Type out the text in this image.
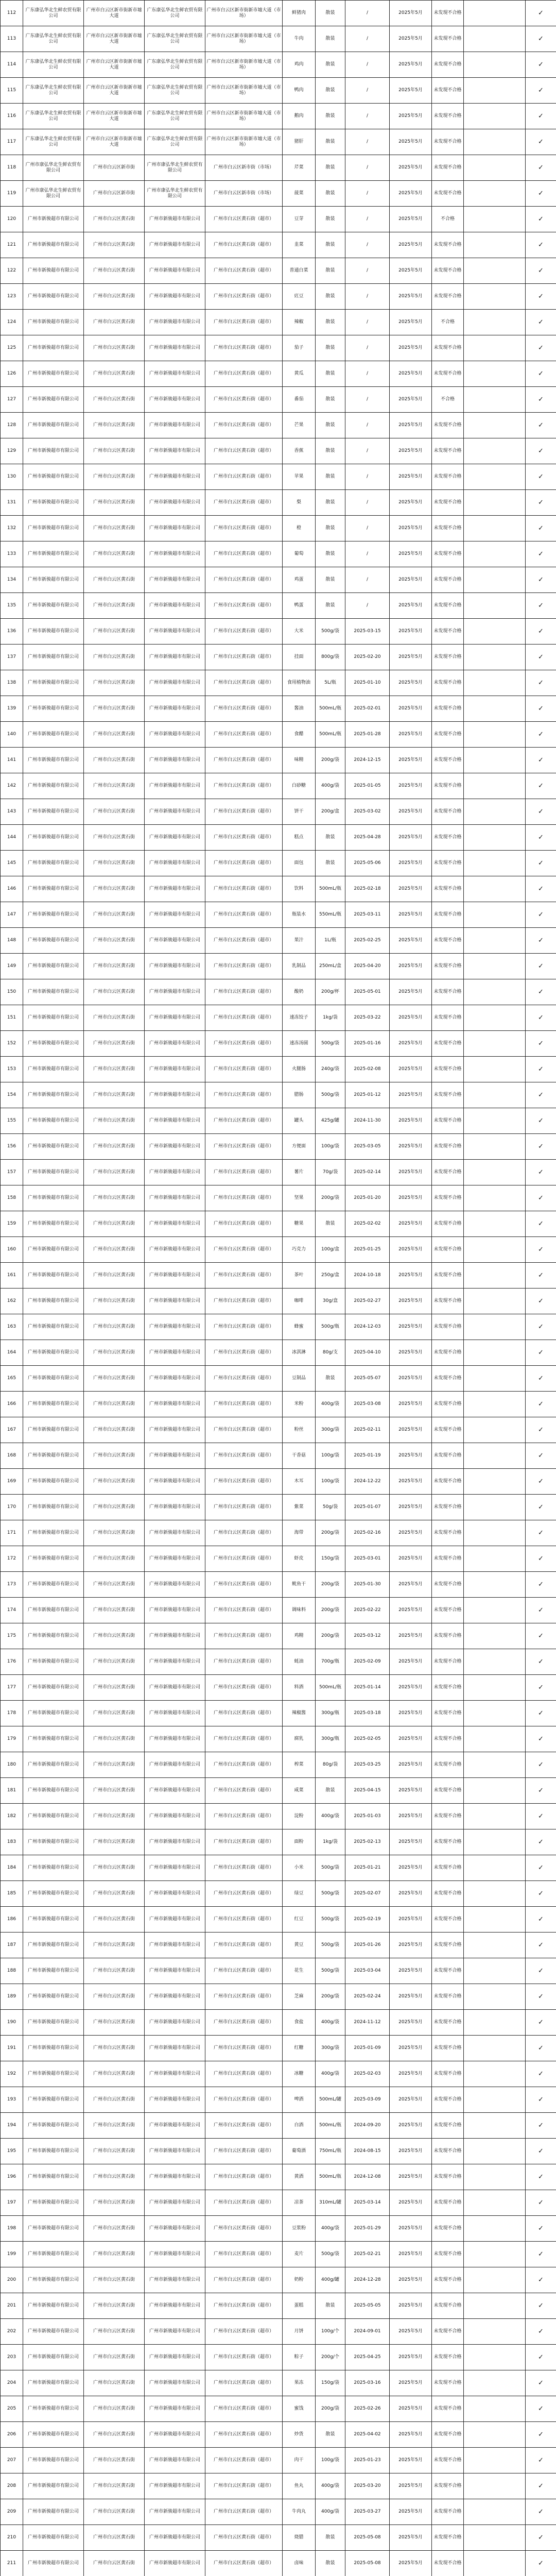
112	广东康弘华北生鲜农贸有限公司	广州市白云区新市街新市墟大道	广东康弘华北生鲜农贸有限公司	广州市白云区新市街新市墟大道（市场）	鲜猪肉	散装	/	2025年5月	未发现不合格		✓
113	广东康弘华北生鲜农贸有限公司	广州市白云区新市街新市墟大道	广东康弘华北生鲜农贸有限公司	广州市白云区新市街新市墟大道（市场）	牛肉	散装	/	2025年5月	未发现不合格		✓
114	广东康弘华北生鲜农贸有限公司	广州市白云区新市街新市墟大道	广东康弘华北生鲜农贸有限公司	广州市白云区新市街新市墟大道（市场）	鸡肉	散装	/	2025年5月	未发现不合格		✓
115	广东康弘华北生鲜农贸有限公司	广州市白云区新市街新市墟大道	广东康弘华北生鲜农贸有限公司	广州市白云区新市街新市墟大道（市场）	鸭肉	散装	/	2025年5月	未发现不合格		✓
116	广东康弘华北生鲜农贸有限公司	广州市白云区新市街新市墟大道	广东康弘华北生鲜农贸有限公司	广州市白云区新市街新市墟大道（市场）	鹅肉	散装	/	2025年5月	未发现不合格		✓
117	广东康弘华北生鲜农贸有限公司	广州市白云区新市街新市墟大道	广东康弘华北生鲜农贸有限公司	广州市白云区新市街新市墟大道（市场）	猪肝	散装	/	2025年5月	未发现不合格		✓
118	广州市康弘华北生鲜农贸有限公司	广州市白云区新市街	广州市康弘华北生鲜农贸有限公司	广州市白云区新市街（市场）	芹菜	散装	/	2025年5月	未发现不合格		✓
119	广州市康弘华北生鲜农贸有限公司	广州市白云区新市街	广州市康弘华北生鲜农贸有限公司	广州市白云区新市街（市场）	菠菜	散装	/	2025年5月	未发现不合格		✓
120	广州市新骏超市有限公司	广州市白云区黄石街	广州市新骏超市有限公司	广州市白云区黄石街（超市）	豆芽	散装	/	2025年5月	不合格		✓
121	广州市新骏超市有限公司	广州市白云区黄石街	广州市新骏超市有限公司	广州市白云区黄石街（超市）	韭菜	散装	/	2025年5月	未发现不合格		✓
122	广州市新骏超市有限公司	广州市白云区黄石街	广州市新骏超市有限公司	广州市白云区黄石街（超市）	普通白菜	散装	/	2025年5月	未发现不合格		✓
123	广州市新骏超市有限公司	广州市白云区黄石街	广州市新骏超市有限公司	广州市白云区黄石街（超市）	豇豆	散装	/	2025年5月	未发现不合格		✓
124	广州市新骏超市有限公司	广州市白云区黄石街	广州市新骏超市有限公司	广州市白云区黄石街（超市）	辣椒	散装	/	2025年5月	不合格		✓
125	广州市新骏超市有限公司	广州市白云区黄石街	广州市新骏超市有限公司	广州市白云区黄石街（超市）	茄子	散装	/	2025年5月	未发现不合格		✓
126	广州市新骏超市有限公司	广州市白云区黄石街	广州市新骏超市有限公司	广州市白云区黄石街（超市）	黄瓜	散装	/	2025年5月	未发现不合格		✓
127	广州市新骏超市有限公司	广州市白云区黄石街	广州市新骏超市有限公司	广州市白云区黄石街（超市）	番茄	散装	/	2025年5月	不合格		✓
128	广州市新骏超市有限公司	广州市白云区黄石街	广州市新骏超市有限公司	广州市白云区黄石街（超市）	芒果	散装	/	2025年5月	未发现不合格		✓
129	广州市新骏超市有限公司	广州市白云区黄石街	广州市新骏超市有限公司	广州市白云区黄石街（超市）	香蕉	散装	/	2025年5月	未发现不合格		✓
130	广州市新骏超市有限公司	广州市白云区黄石街	广州市新骏超市有限公司	广州市白云区黄石街（超市）	苹果	散装	/	2025年5月	未发现不合格		✓
131	广州市新骏超市有限公司	广州市白云区黄石街	广州市新骏超市有限公司	广州市白云区黄石街（超市）	梨	散装	/	2025年5月	未发现不合格		✓
132	广州市新骏超市有限公司	广州市白云区黄石街	广州市新骏超市有限公司	广州市白云区黄石街（超市）	橙	散装	/	2025年5月	未发现不合格		✓
133	广州市新骏超市有限公司	广州市白云区黄石街	广州市新骏超市有限公司	广州市白云区黄石街（超市）	葡萄	散装	/	2025年5月	未发现不合格		✓
134	广州市新骏超市有限公司	广州市白云区黄石街	广州市新骏超市有限公司	广州市白云区黄石街（超市）	鸡蛋	散装	/	2025年5月	未发现不合格		✓
135	广州市新骏超市有限公司	广州市白云区黄石街	广州市新骏超市有限公司	广州市白云区黄石街（超市）	鸭蛋	散装	/	2025年5月	未发现不合格		✓
136	广州市新骏超市有限公司	广州市白云区黄石街	广州市新骏超市有限公司	广州市白云区黄石街（超市）	大米	500g/袋	2025-03-15	2025年5月	未发现不合格		✓
137	广州市新骏超市有限公司	广州市白云区黄石街	广州市新骏超市有限公司	广州市白云区黄石街（超市）	挂面	800g/袋	2025-02-20	2025年5月	未发现不合格		✓
138	广州市新骏超市有限公司	广州市白云区黄石街	广州市新骏超市有限公司	广州市白云区黄石街（超市）	食用植物油	5L/瓶	2025-01-10	2025年5月	未发现不合格		✓
139	广州市新骏超市有限公司	广州市白云区黄石街	广州市新骏超市有限公司	广州市白云区黄石街（超市）	酱油	500mL/瓶	2025-02-01	2025年5月	未发现不合格		✓
140	广州市新骏超市有限公司	广州市白云区黄石街	广州市新骏超市有限公司	广州市白云区黄石街（超市）	食醋	500mL/瓶	2025-01-28	2025年5月	未发现不合格		✓
141	广州市新骏超市有限公司	广州市白云区黄石街	广州市新骏超市有限公司	广州市白云区黄石街（超市）	味精	200g/袋	2024-12-15	2025年5月	未发现不合格		✓
142	广州市新骏超市有限公司	广州市白云区黄石街	广州市新骏超市有限公司	广州市白云区黄石街（超市）	白砂糖	400g/袋	2025-01-05	2025年5月	未发现不合格		✓
143	广州市新骏超市有限公司	广州市白云区黄石街	广州市新骏超市有限公司	广州市白云区黄石街（超市）	饼干	200g/盒	2025-03-02	2025年5月	未发现不合格		✓
144	广州市新骏超市有限公司	广州市白云区黄石街	广州市新骏超市有限公司	广州市白云区黄石街（超市）	糕点	散装	2025-04-28	2025年5月	未发现不合格		✓
145	广州市新骏超市有限公司	广州市白云区黄石街	广州市新骏超市有限公司	广州市白云区黄石街（超市）	面包	散装	2025-05-06	2025年5月	未发现不合格		✓
146	广州市新骏超市有限公司	广州市白云区黄石街	广州市新骏超市有限公司	广州市白云区黄石街（超市）	饮料	500mL/瓶	2025-02-18	2025年5月	未发现不合格		✓
147	广州市新骏超市有限公司	广州市白云区黄石街	广州市新骏超市有限公司	广州市白云区黄石街（超市）	瓶装水	550mL/瓶	2025-03-11	2025年5月	未发现不合格		✓
148	广州市新骏超市有限公司	广州市白云区黄石街	广州市新骏超市有限公司	广州市白云区黄石街（超市）	果汁	1L/瓶	2025-02-25	2025年5月	未发现不合格		✓
149	广州市新骏超市有限公司	广州市白云区黄石街	广州市新骏超市有限公司	广州市白云区黄石街（超市）	乳制品	250mL/盒	2025-04-20	2025年5月	未发现不合格		✓
150	广州市新骏超市有限公司	广州市白云区黄石街	广州市新骏超市有限公司	广州市白云区黄石街（超市）	酸奶	200g/杯	2025-05-01	2025年5月	未发现不合格		✓
151	广州市新骏超市有限公司	广州市白云区黄石街	广州市新骏超市有限公司	广州市白云区黄石街（超市）	速冻饺子	1kg/袋	2025-03-22	2025年5月	未发现不合格		✓
152	广州市新骏超市有限公司	广州市白云区黄石街	广州市新骏超市有限公司	广州市白云区黄石街（超市）	速冻汤圆	500g/袋	2025-01-16	2025年5月	未发现不合格		✓
153	广州市新骏超市有限公司	广州市白云区黄石街	广州市新骏超市有限公司	广州市白云区黄石街（超市）	火腿肠	240g/袋	2025-02-08	2025年5月	未发现不合格		✓
154	广州市新骏超市有限公司	广州市白云区黄石街	广州市新骏超市有限公司	广州市白云区黄石街（超市）	腊肠	500g/袋	2025-01-12	2025年5月	未发现不合格		✓
155	广州市新骏超市有限公司	广州市白云区黄石街	广州市新骏超市有限公司	广州市白云区黄石街（超市）	罐头	425g/罐	2024-11-30	2025年5月	未发现不合格		✓
156	广州市新骏超市有限公司	广州市白云区黄石街	广州市新骏超市有限公司	广州市白云区黄石街（超市）	方便面	100g/袋	2025-03-05	2025年5月	未发现不合格		✓
157	广州市新骏超市有限公司	广州市白云区黄石街	广州市新骏超市有限公司	广州市白云区黄石街（超市）	薯片	70g/袋	2025-02-14	2025年5月	未发现不合格		✓
158	广州市新骏超市有限公司	广州市白云区黄石街	广州市新骏超市有限公司	广州市白云区黄石街（超市）	坚果	200g/袋	2025-01-20	2025年5月	未发现不合格		✓
159	广州市新骏超市有限公司	广州市白云区黄石街	广州市新骏超市有限公司	广州市白云区黄石街（超市）	糖果	散装	2025-02-02	2025年5月	未发现不合格		✓
160	广州市新骏超市有限公司	广州市白云区黄石街	广州市新骏超市有限公司	广州市白云区黄石街（超市）	巧克力	100g/盒	2025-01-25	2025年5月	未发现不合格		✓
161	广州市新骏超市有限公司	广州市白云区黄石街	广州市新骏超市有限公司	广州市白云区黄石街（超市）	茶叶	250g/盒	2024-10-18	2025年5月	未发现不合格		✓
162	广州市新骏超市有限公司	广州市白云区黄石街	广州市新骏超市有限公司	广州市白云区黄石街（超市）	咖啡	30g/盒	2025-02-27	2025年5月	未发现不合格		✓
163	广州市新骏超市有限公司	广州市白云区黄石街	广州市新骏超市有限公司	广州市白云区黄石街（超市）	蜂蜜	500g/瓶	2024-12-03	2025年5月	未发现不合格		✓
164	广州市新骏超市有限公司	广州市白云区黄石街	广州市新骏超市有限公司	广州市白云区黄石街（超市）	冰淇淋	80g/支	2025-04-10	2025年5月	未发现不合格		✓
165	广州市新骏超市有限公司	广州市白云区黄石街	广州市新骏超市有限公司	广州市白云区黄石街（超市）	豆制品	散装	2025-05-07	2025年5月	未发现不合格		✓
166	广州市新骏超市有限公司	广州市白云区黄石街	广州市新骏超市有限公司	广州市白云区黄石街（超市）	米粉	400g/袋	2025-03-08	2025年5月	未发现不合格		✓
167	广州市新骏超市有限公司	广州市白云区黄石街	广州市新骏超市有限公司	广州市白云区黄石街（超市）	粉丝	300g/袋	2025-02-11	2025年5月	未发现不合格		✓
168	广州市新骏超市有限公司	广州市白云区黄石街	广州市新骏超市有限公司	广州市白云区黄石街（超市）	干香菇	100g/袋	2025-01-19	2025年5月	未发现不合格		✓
169	广州市新骏超市有限公司	广州市白云区黄石街	广州市新骏超市有限公司	广州市白云区黄石街（超市）	木耳	100g/袋	2024-12-22	2025年5月	未发现不合格		✓
170	广州市新骏超市有限公司	广州市白云区黄石街	广州市新骏超市有限公司	广州市白云区黄石街（超市）	紫菜	50g/袋	2025-01-07	2025年5月	未发现不合格		✓
171	广州市新骏超市有限公司	广州市白云区黄石街	广州市新骏超市有限公司	广州市白云区黄石街（超市）	海带	200g/袋	2025-02-16	2025年5月	未发现不合格		✓
172	广州市新骏超市有限公司	广州市白云区黄石街	广州市新骏超市有限公司	广州市白云区黄石街（超市）	虾皮	150g/袋	2025-03-01	2025年5月	未发现不合格		✓
173	广州市新骏超市有限公司	广州市白云区黄石街	广州市新骏超市有限公司	广州市白云区黄石街（超市）	鱿鱼干	200g/袋	2025-01-30	2025年5月	未发现不合格		✓
174	广州市新骏超市有限公司	广州市白云区黄石街	广州市新骏超市有限公司	广州市白云区黄石街（超市）	调味料	200g/袋	2025-02-22	2025年5月	未发现不合格		✓
175	广州市新骏超市有限公司	广州市白云区黄石街	广州市新骏超市有限公司	广州市白云区黄石街（超市）	鸡精	200g/袋	2025-03-12	2025年5月	未发现不合格		✓
176	广州市新骏超市有限公司	广州市白云区黄石街	广州市新骏超市有限公司	广州市白云区黄石街（超市）	蚝油	700g/瓶	2025-02-09	2025年5月	未发现不合格		✓
177	广州市新骏超市有限公司	广州市白云区黄石街	广州市新骏超市有限公司	广州市白云区黄石街（超市）	料酒	500mL/瓶	2025-01-14	2025年5月	未发现不合格		✓
178	广州市新骏超市有限公司	广州市白云区黄石街	广州市新骏超市有限公司	广州市白云区黄石街（超市）	辣椒酱	300g/瓶	2025-03-18	2025年5月	未发现不合格		✓
179	广州市新骏超市有限公司	广州市白云区黄石街	广州市新骏超市有限公司	广州市白云区黄石街（超市）	腐乳	300g/瓶	2025-02-05	2025年5月	未发现不合格		✓
180	广州市新骏超市有限公司	广州市白云区黄石街	广州市新骏超市有限公司	广州市白云区黄石街（超市）	榨菜	80g/袋	2025-03-25	2025年5月	未发现不合格		✓
181	广州市新骏超市有限公司	广州市白云区黄石街	广州市新骏超市有限公司	广州市白云区黄石街（超市）	咸菜	散装	2025-04-15	2025年5月	未发现不合格		✓
182	广州市新骏超市有限公司	广州市白云区黄石街	广州市新骏超市有限公司	广州市白云区黄石街（超市）	淀粉	400g/袋	2025-01-03	2025年5月	未发现不合格		✓
183	广州市新骏超市有限公司	广州市白云区黄石街	广州市新骏超市有限公司	广州市白云区黄石街（超市）	面粉	1kg/袋	2025-02-13	2025年5月	未发现不合格		✓
184	广州市新骏超市有限公司	广州市白云区黄石街	广州市新骏超市有限公司	广州市白云区黄石街（超市）	小米	500g/袋	2025-01-21	2025年5月	未发现不合格		✓
185	广州市新骏超市有限公司	广州市白云区黄石街	广州市新骏超市有限公司	广州市白云区黄石街（超市）	绿豆	500g/袋	2025-02-07	2025年5月	未发现不合格		✓
186	广州市新骏超市有限公司	广州市白云区黄石街	广州市新骏超市有限公司	广州市白云区黄石街（超市）	红豆	500g/袋	2025-02-19	2025年5月	未发现不合格		✓
187	广州市新骏超市有限公司	广州市白云区黄石街	广州市新骏超市有限公司	广州市白云区黄石街（超市）	黄豆	500g/袋	2025-01-26	2025年5月	未发现不合格		✓
188	广州市新骏超市有限公司	广州市白云区黄石街	广州市新骏超市有限公司	广州市白云区黄石街（超市）	花生	500g/袋	2025-03-04	2025年5月	未发现不合格		✓
189	广州市新骏超市有限公司	广州市白云区黄石街	广州市新骏超市有限公司	广州市白云区黄石街（超市）	芝麻	200g/袋	2025-02-24	2025年5月	未发现不合格		✓
190	广州市新骏超市有限公司	广州市白云区黄石街	广州市新骏超市有限公司	广州市白云区黄石街（超市）	食盐	400g/袋	2024-11-12	2025年5月	未发现不合格		✓
191	广州市新骏超市有限公司	广州市白云区黄石街	广州市新骏超市有限公司	广州市白云区黄石街（超市）	红糖	300g/袋	2025-01-09	2025年5月	未发现不合格		✓
192	广州市新骏超市有限公司	广州市白云区黄石街	广州市新骏超市有限公司	广州市白云区黄石街（超市）	冰糖	400g/袋	2025-02-03	2025年5月	未发现不合格		✓
193	广州市新骏超市有限公司	广州市白云区黄石街	广州市新骏超市有限公司	广州市白云区黄石街（超市）	啤酒	500mL/罐	2025-03-09	2025年5月	未发现不合格		✓
194	广州市新骏超市有限公司	广州市白云区黄石街	广州市新骏超市有限公司	广州市白云区黄石街（超市）	白酒	500mL/瓶	2024-09-20	2025年5月	未发现不合格		✓
195	广州市新骏超市有限公司	广州市白云区黄石街	广州市新骏超市有限公司	广州市白云区黄石街（超市）	葡萄酒	750mL/瓶	2024-08-15	2025年5月	未发现不合格		✓
196	广州市新骏超市有限公司	广州市白云区黄石街	广州市新骏超市有限公司	广州市白云区黄石街（超市）	黄酒	500mL/瓶	2024-12-08	2025年5月	未发现不合格		✓
197	广州市新骏超市有限公司	广州市白云区黄石街	广州市新骏超市有限公司	广州市白云区黄石街（超市）	凉茶	310mL/罐	2025-03-14	2025年5月	未发现不合格		✓
198	广州市新骏超市有限公司	广州市白云区黄石街	广州市新骏超市有限公司	广州市白云区黄石街（超市）	豆浆粉	400g/袋	2025-01-29	2025年5月	未发现不合格		✓
199	广州市新骏超市有限公司	广州市白云区黄石街	广州市新骏超市有限公司	广州市白云区黄石街（超市）	麦片	500g/袋	2025-02-21	2025年5月	未发现不合格		✓
200	广州市新骏超市有限公司	广州市白云区黄石街	广州市新骏超市有限公司	广州市白云区黄石街（超市）	奶粉	400g/罐	2024-12-28	2025年5月	未发现不合格		✓
201	广州市新骏超市有限公司	广州市白云区黄石街	广州市新骏超市有限公司	广州市白云区黄石街（超市）	蛋糕	散装	2025-05-05	2025年5月	未发现不合格		✓
202	广州市新骏超市有限公司	广州市白云区黄石街	广州市新骏超市有限公司	广州市白云区黄石街（超市）	月饼	100g/个	2024-09-01	2025年5月	未发现不合格		✓
203	广州市新骏超市有限公司	广州市白云区黄石街	广州市新骏超市有限公司	广州市白云区黄石街（超市）	粽子	200g/个	2025-04-25	2025年5月	未发现不合格		✓
204	广州市新骏超市有限公司	广州市白云区黄石街	广州市新骏超市有限公司	广州市白云区黄石街（超市）	果冻	150g/袋	2025-03-16	2025年5月	未发现不合格		✓
205	广州市新骏超市有限公司	广州市白云区黄石街	广州市新骏超市有限公司	广州市白云区黄石街（超市）	蜜饯	200g/袋	2025-02-26	2025年5月	未发现不合格		✓
206	广州市新骏超市有限公司	广州市白云区黄石街	广州市新骏超市有限公司	广州市白云区黄石街（超市）	炒货	散装	2025-04-02	2025年5月	未发现不合格		✓
207	广州市新骏超市有限公司	广州市白云区黄石街	广州市新骏超市有限公司	广州市白云区黄石街（超市）	肉干	100g/袋	2025-01-23	2025年5月	未发现不合格		✓
208	广州市新骏超市有限公司	广州市白云区黄石街	广州市新骏超市有限公司	广州市白云区黄石街（超市）	鱼丸	400g/袋	2025-03-20	2025年5月	未发现不合格		✓
209	广州市新骏超市有限公司	广州市白云区黄石街	广州市新骏超市有限公司	广州市白云区黄石街（超市）	牛肉丸	400g/袋	2025-03-27	2025年5月	未发现不合格		✓
210	广州市新骏超市有限公司	广州市白云区黄石街	广州市新骏超市有限公司	广州市白云区黄石街（超市）	烧腊	散装	2025-05-08	2025年5月	未发现不合格		✓
211	广州市新骏超市有限公司	广州市白云区黄石街	广州市新骏超市有限公司	广州市白云区黄石街（超市）	卤味	散装	2025-05-08	2025年5月	未发现不合格		✓
